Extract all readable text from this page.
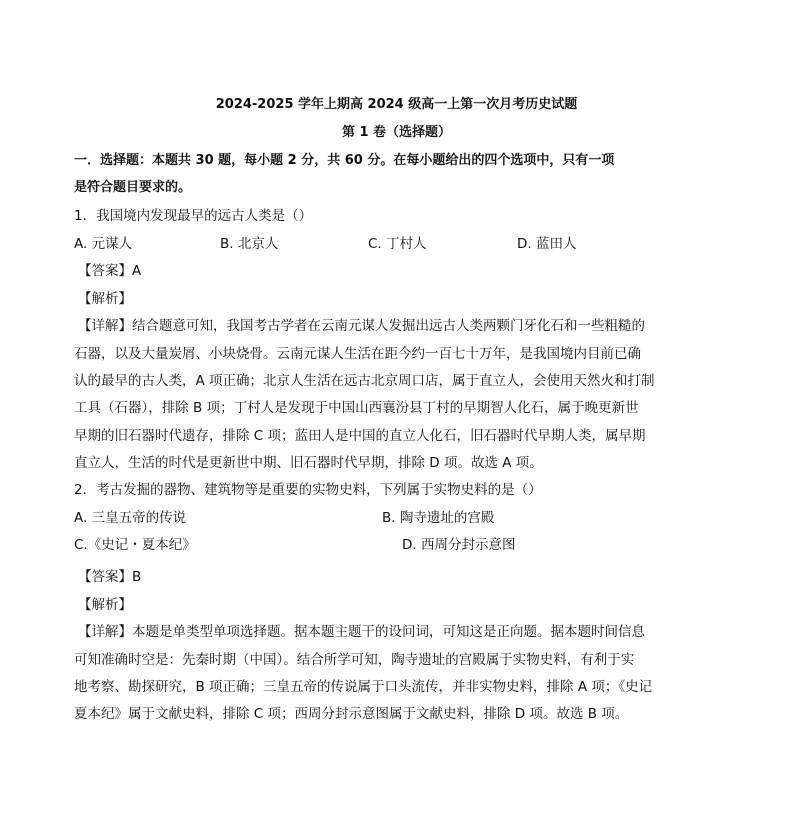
2024-2025 学年上期高 2024 级高一上第一次月考历史试题
第 1 卷（选择题）
一．选择题：本题共 30 题，每小题 2 分，共 60 分。在每小题给出的四个选项中，只有一项
是符合题目要求的。
1．我国境内发现最早的远古人类是（）
A. 元谋人	B. 北京人	C. 丁村人	D. 蓝田人
【答案】A
【解析】
【详解】结合题意可知，我国考古学者在云南元谋人发掘出远古人类两颗门牙化石和一些粗糙的
石器，以及大量炭屑、小块烧骨。云南元谋人生活在距今约一百七十万年，是我国境内目前已确
认的最早的古人类，A 项正确；北京人生活在远古北京周口店，属于直立人，会使用天然火和打制
工具（石器），排除 B 项；丁村人是发现于中国山西襄汾县丁村的早期智人化石，属于晚更新世
早期的旧石器时代遗存，排除 C 项；蓝田人是中国的直立人化石，旧石器时代早期人类，属早期
直立人，生活的时代是更新世中期、旧石器时代早期，排除 D 项。故选 A 项。
2．考古发掘的器物、建筑物等是重要的实物史料，下列属于实物史料的是（）
A. 三皇五帝的传说	B. 陶寺遗址的宫殿
C.《史记・夏本纪》	D. 西周分封示意图
【答案】B
【解析】
【详解】本题是单类型单项选择题。据本题主题干的设问词，可知这是正向题。据本题时间信息
可知准确时空是：先秦时期（中国）。结合所学可知，陶寺遗址的宫殿属于实物史料，有利于实
地考察、勘探研究，B 项正确；三皇五帝的传说属于口头流传，并非实物史料，排除 A 项；《史记
夏本纪》属于文献史料，排除 C 项；西周分封示意图属于文献史料，排除 D 项。故选 B 项。
